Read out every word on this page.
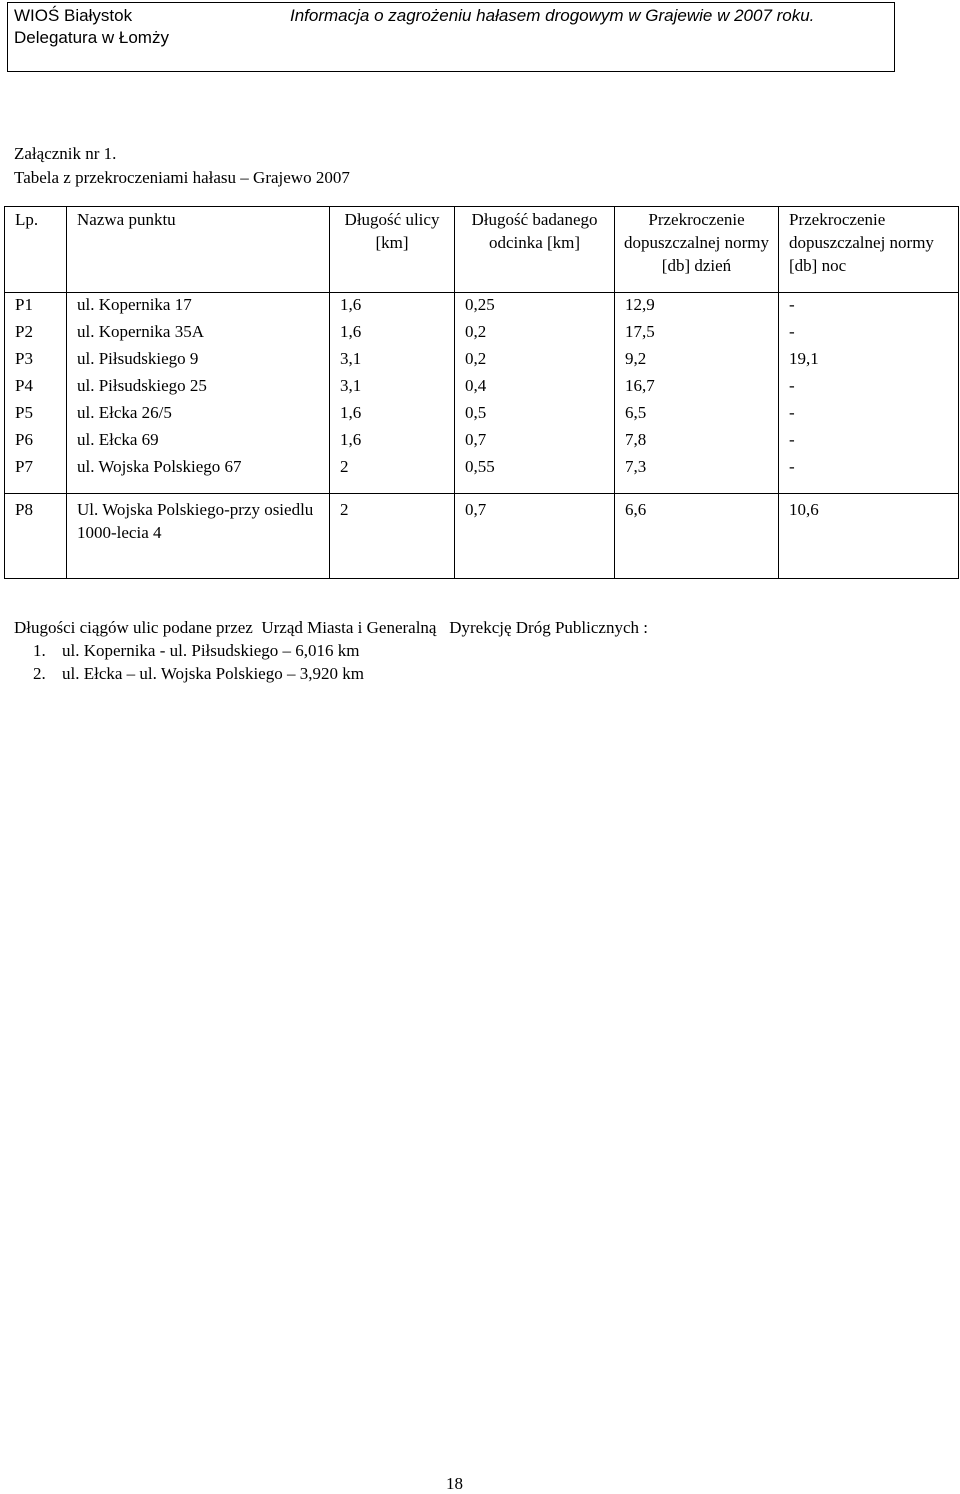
WIOŚ Białystok
Delegatura w Łomży
Informacja o zagrożeniu hałasem drogowym w Grajewie w 2007 roku.
Załącznik nr 1.
Tabela z przekroczeniami hałasu – Grajewo 2007
Lp.	Nazwa punktu	Długość ulicy [km]	Długość badanego odcinka [km]	Przekroczenie dopuszczalnej normy [db] dzień	Przekroczenie dopuszczalnej normy [db] noc
P1	ul. Kopernika 17	1,6	0,25	12,9	-
P2	ul. Kopernika 35A	1,6	0,2	17,5	-
P3	ul. Piłsudskiego 9	3,1	0,2	9,2	19,1
P4	ul. Piłsudskiego 25	3,1	0,4	16,7	-
P5	ul. Ełcka 26/5	1,6	0,5	6,5	-
P6	ul. Ełcka 69	1,6	0,7	7,8	-
P7	ul. Wojska Polskiego 67	2	0,55	7,3	-
P8	Ul. Wojska Polskiego-przy osiedlu 1000-lecia 4	2	0,7	6,6	10,6
Długości ciągów ulic podane przez  Urząd Miasta i Generalną   Dyrekcję Dróg Publicznych :
1. ul. Kopernika - ul. Piłsudskiego – 6,016 km
2. ul. Ełcka – ul. Wojska Polskiego – 3,920 km
18
